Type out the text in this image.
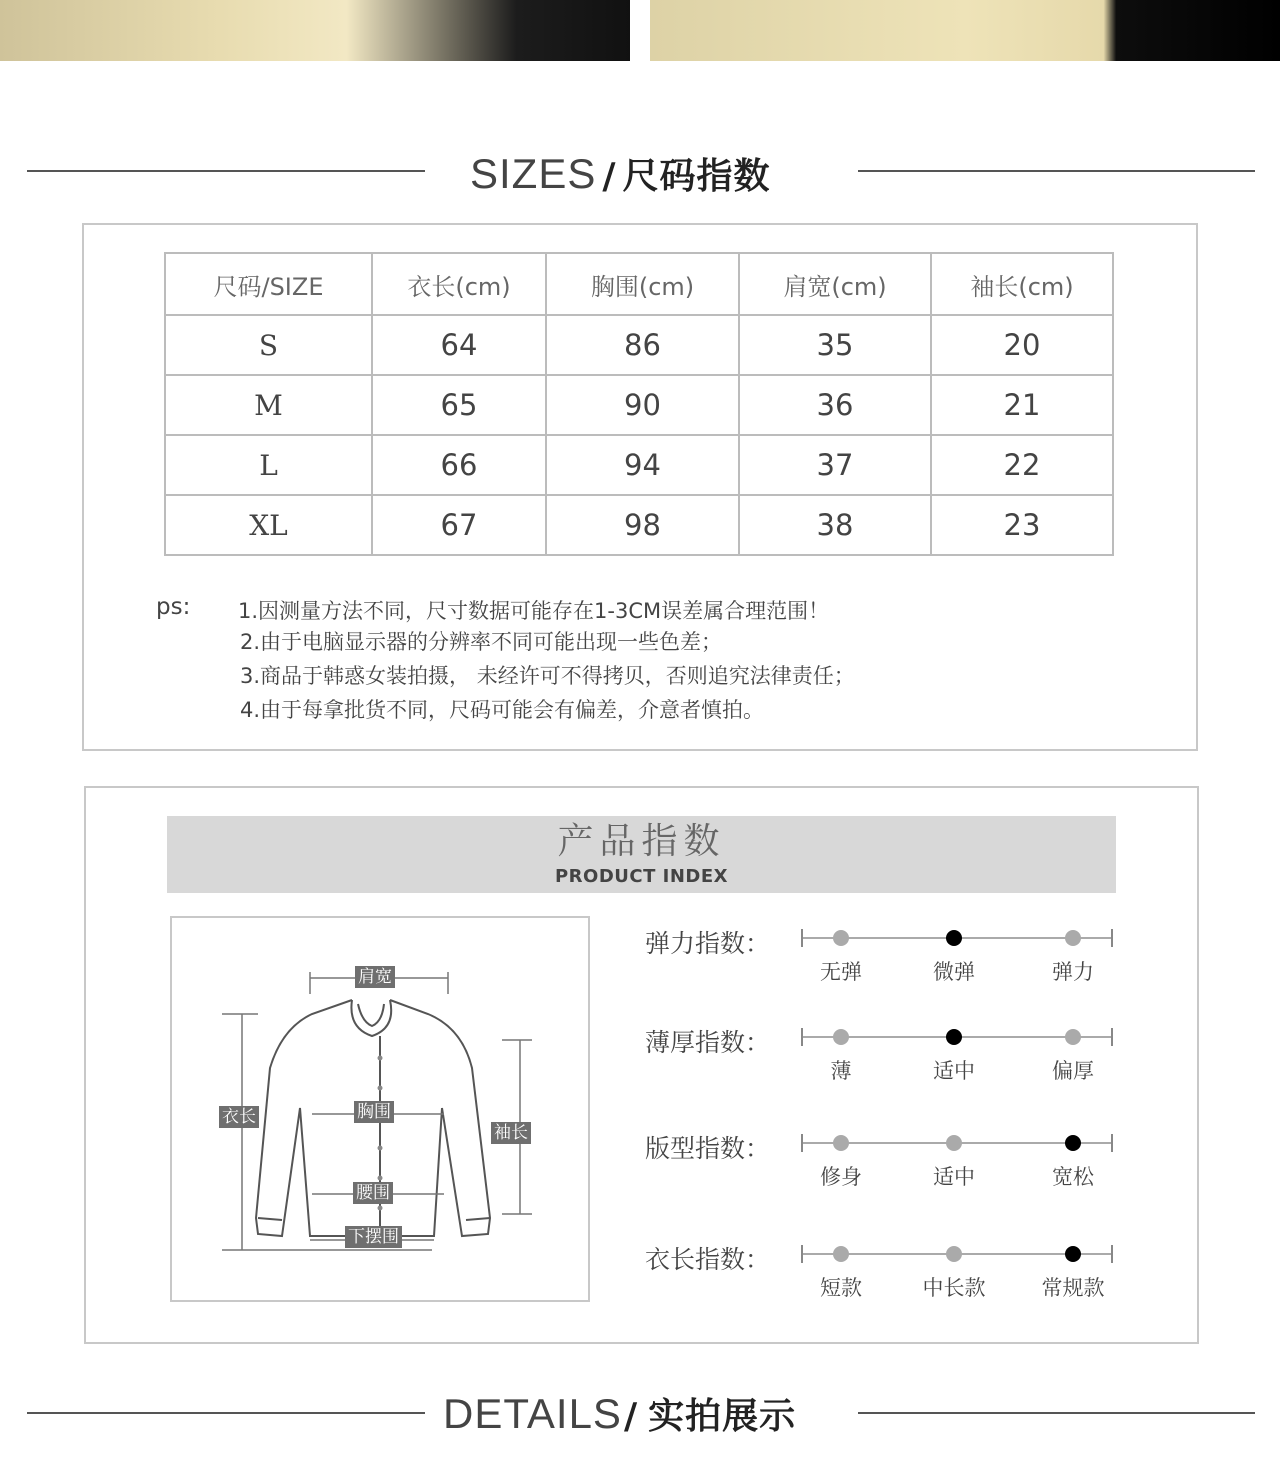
SIZES / 尺码指数
尺码/SIZE	衣长(cm)	胸围(cm)	肩宽(cm)	袖长(cm)
S	64	86	35	20
M	65	90	36	21
L	66	94	37	22
XL	67	98	38	23
ps: 1.因测量方法不同，尺寸数据可能存在1-3CM误差属合理范围！
2.由于电脑显示器的分辨率不同可能出现一些色差；
3.商品于韩惑女装拍摄， 未经许可不得拷贝，否则追究法律责任；
4.由于每拿批货不同，尺码可能会有偏差，介意者慎拍。
产品指数
PRODUCT INDEX
肩宽
衣长	胸围
袖长
腰围
下摆围
弹力指数：
薄厚指数：
版型指数：
衣长指数：
无弹	微弹	弹力
薄	适中	偏厚
修身	适中	宽松
短款	中长款	常规款
DETAILS/ 实拍展示
